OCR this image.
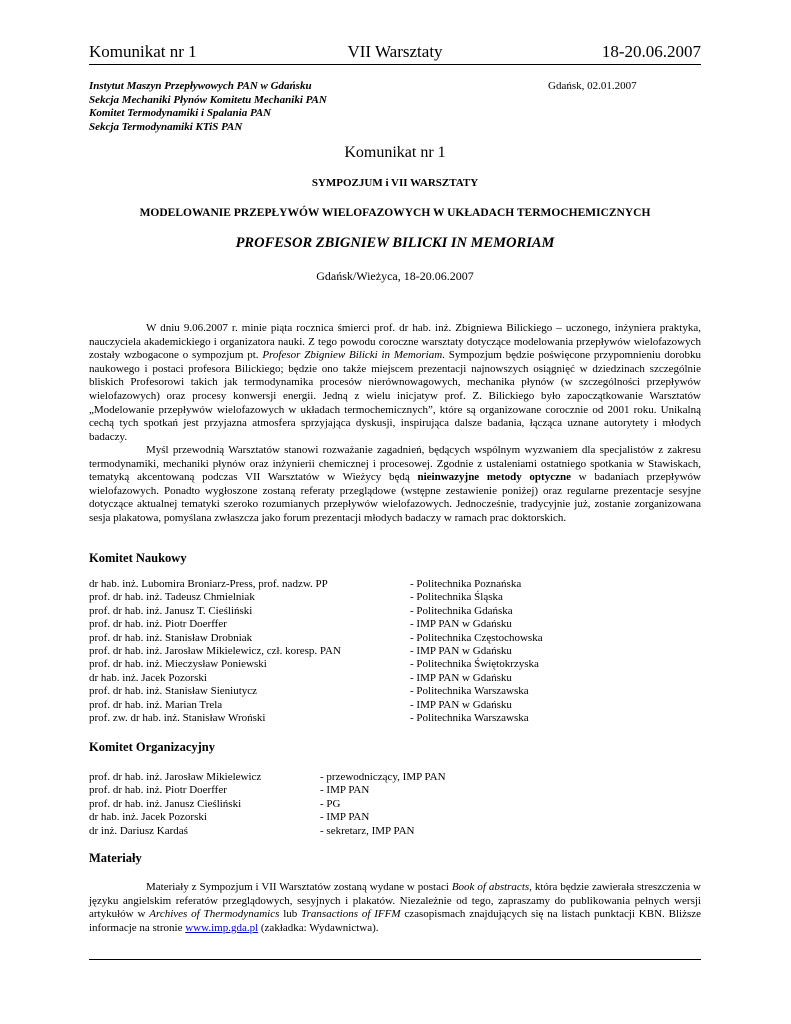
VII Warsztaty
Komunikat nr 1	18-20.06.2007
Instytut Maszyn Przepływowych PAN w Gdańsku
Sekcja Mechaniki Płynów Komitetu Mechaniki PAN
Komitet Termodynamiki i Spalania PAN
Sekcja Termodynamiki KTiS PAN
Gdańsk, 02.01.2007
Komunikat nr 1
SYMPOZJUM i VII WARSZTATY
MODELOWANIE PRZEPŁYWÓW WIELOFAZOWYCH W UKŁADACH TERMOCHEMICZNYCH
PROFESOR ZBIGNIEW BILICKI IN MEMORIAM
Gdańsk/Wieżyca, 18-20.06.2007

W dniu 9.06.2007 r. minie piąta rocznica śmierci prof. dr hab. inż. Zbigniewa Bilickiego – uczonego, inżyniera praktyka, nauczyciela akademickiego i organizatora nauki. Z tego powodu coroczne warsztaty dotyczące modelowania przepływów wielofazowych zostały wzbogacone o sympozjum pt. Profesor Zbigniew Bilicki in Memoriam. Sympozjum będzie poświęcone przypomnieniu dorobku naukowego i postaci profesora Bilickiego; będzie ono także miejscem prezentacji najnowszych osiągnięć w dziedzinach szczególnie bliskich Profesorowi takich jak termodynamika procesów nierównowagowych, mechanika płynów (w szczególności przepływów wielofazowych) oraz procesy konwersji energii. Jedną z wielu inicjatyw prof. Z. Bilickiego było zapoczątkowanie Warsztatów „Modelowanie przepływów wielofazowych w układach termochemicznych”, które są organizowane corocznie od 2001 roku. Unikalną cechą tych spotkań jest przyjazna atmosfera sprzyjająca dyskusji, inspirująca dalsze badania, łącząca uznane autorytety i młodych badaczy.

Myśl przewodnią Warsztatów stanowi rozważanie zagadnień, będących wspólnym wyzwaniem dla specjalistów z zakresu termodynamiki, mechaniki płynów oraz inżynierii chemicznej i procesowej. Zgodnie z ustaleniami ostatniego spotkania w Stawiskach, tematyką akcentowaną podczas VII Warsztatów w Wieżycy będą nieinwazyjne metody optyczne w badaniach przepływów wielofazowych. Ponadto wygłoszone zostaną referaty przeglądowe (wstępne zestawienie poniżej) oraz regularne prezentacje sesyjne dotyczące aktualnej tematyki szeroko rozumianych przepływów wielofazowych. Jednocześnie, tradycyjnie już, zostanie zorganizowana sesja plakatowa, pomyślana zwłaszcza jako forum prezentacji młodych badaczy w ramach prac doktorskich.

Komitet Naukowy
dr hab. inż. Lubomira Broniarz-Press, prof. nadzw. PP	- Politechnika Poznańska
prof. dr hab. inż. Tadeusz Chmielniak	- Politechnika Śląska
prof. dr hab. inż. Janusz T. Cieśliński	- Politechnika Gdańska
prof. dr hab. inż. Piotr Doerffer	- IMP PAN w Gdańsku
prof. dr hab. inż. Stanisław Drobniak	- Politechnika Częstochowska
prof. dr hab. inż. Jarosław Mikielewicz, czł. koresp. PAN	- IMP PAN w Gdańsku
prof. dr hab. inż. Mieczysław Poniewski	- Politechnika Świętokrzyska
dr hab. inż. Jacek Pozorski	- IMP PAN w Gdańsku
prof. dr hab. inż. Stanisław Sieniutycz	- Politechnika Warszawska
prof. dr hab. inż. Marian Trela	- IMP PAN w Gdańsku
prof. zw. dr hab. inż. Stanisław Wroński	- Politechnika Warszawska
Komitet Organizacyjny
prof. dr hab. inż. Jarosław Mikielewicz	- przewodniczący, IMP PAN
prof. dr hab. inż. Piotr Doerffer	- IMP PAN
prof. dr hab. inż. Janusz Cieśliński	- PG
dr hab. inż. Jacek Pozorski	- IMP PAN
dr inż. Dariusz Kardaś	- sekretarz, IMP PAN
Materiały

Materiały z Sympozjum i VII Warsztatów zostaną wydane w postaci Book of abstracts, która będzie zawierała streszczenia w języku angielskim referatów przeglądowych, sesyjnych i plakatów. Niezależnie od tego, zapraszamy do publikowania pełnych wersji artykułów w Archives of Thermodynamics lub Transactions of IFFM czasopismach znajdujących się na listach punktacji KBN. Bliższe informacje na stronie www.imp.gda.pl (zakładka: Wydawnictwa).
